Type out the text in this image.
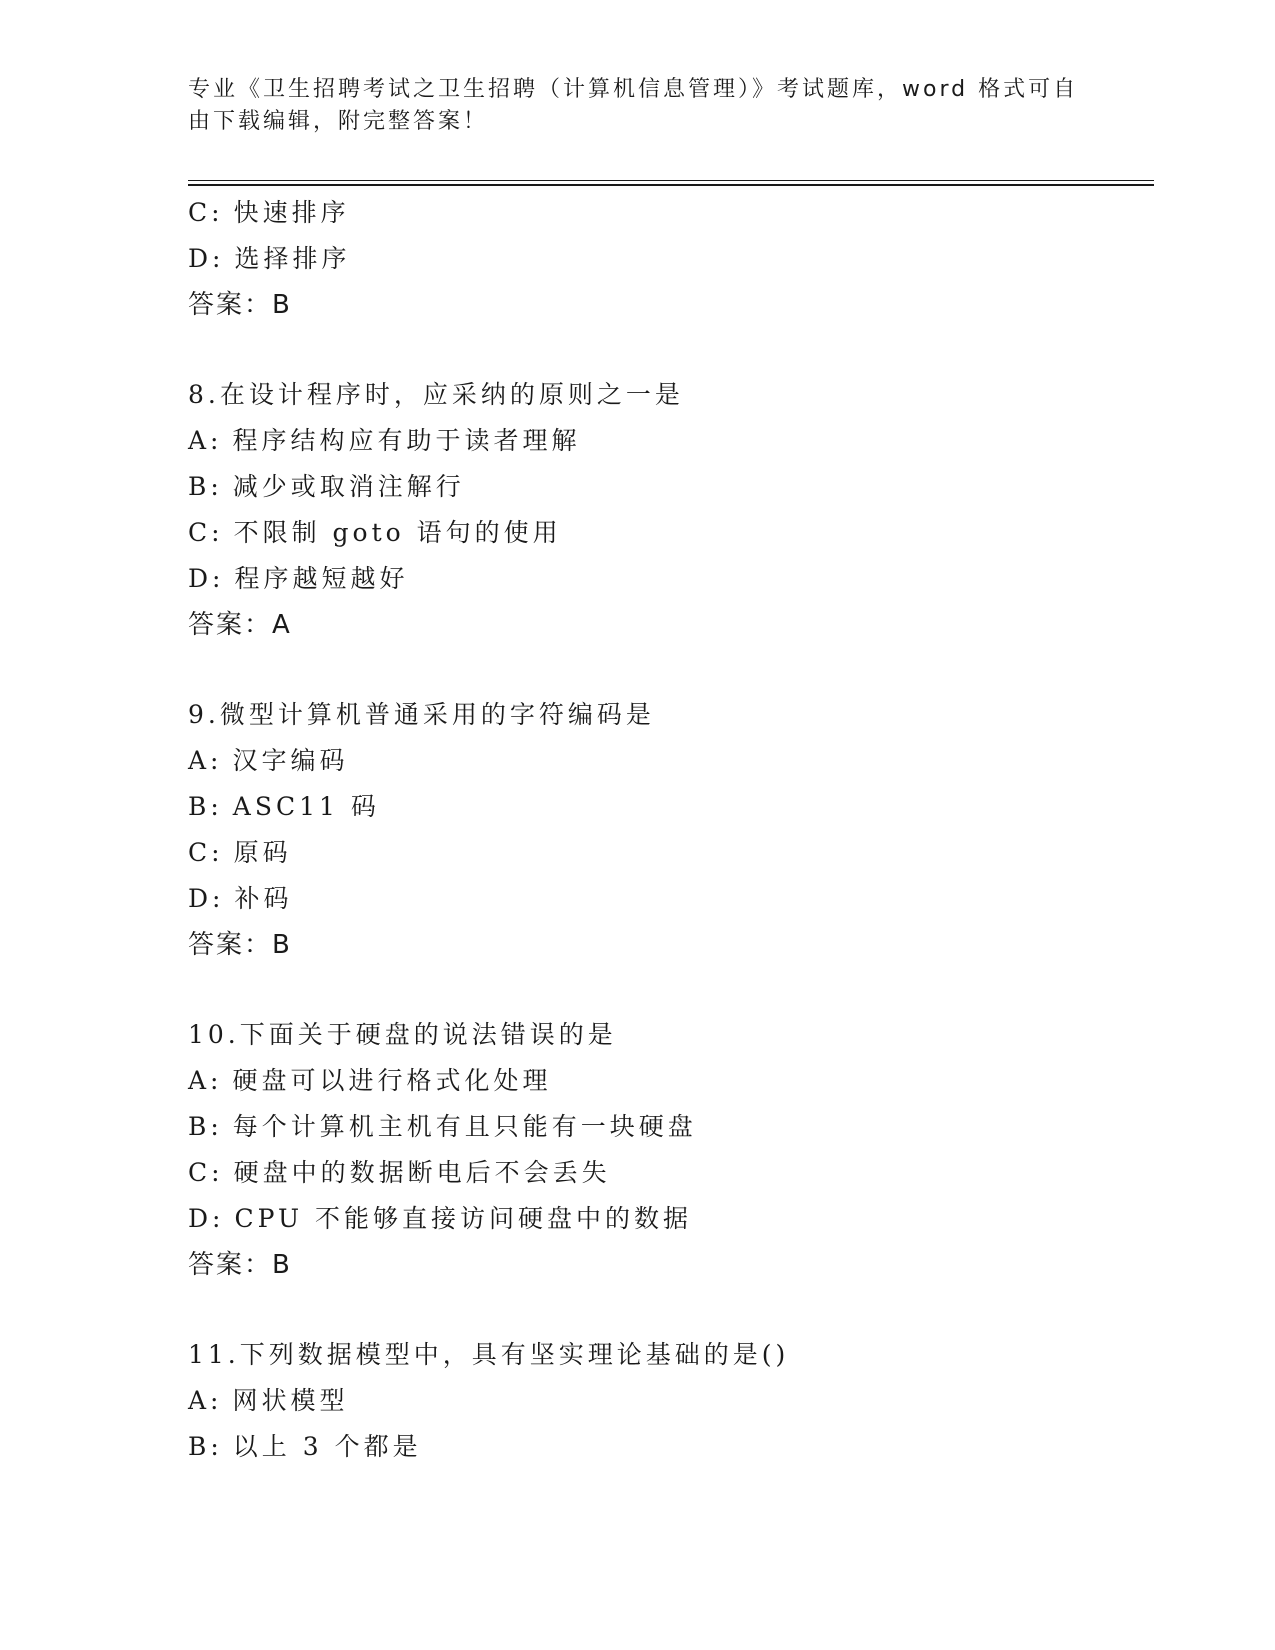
专业《卫生招聘考试之卫生招聘（计算机信息管理）》考试题库，word 格式可自
由下载编辑，附完整答案！
C: 快速排序
D: 选择排序
答案：B
8.在设计程序时，应采纳的原则之一是
A: 程序结构应有助于读者理解
B: 减少或取消注解行
C: 不限制 goto 语句的使用
D: 程序越短越好
答案：A
9.微型计算机普通采用的字符编码是
A: 汉字编码
B: ASC11 码
C: 原码
D: 补码
答案：B
10.下面关于硬盘的说法错误的是
A: 硬盘可以进行格式化处理
B: 每个计算机主机有且只能有一块硬盘
C: 硬盘中的数据断电后不会丢失
D: CPU 不能够直接访问硬盘中的数据
答案：B
11.下列数据模型中，具有坚实理论基础的是()
A: 网状模型
B: 以上 3 个都是
